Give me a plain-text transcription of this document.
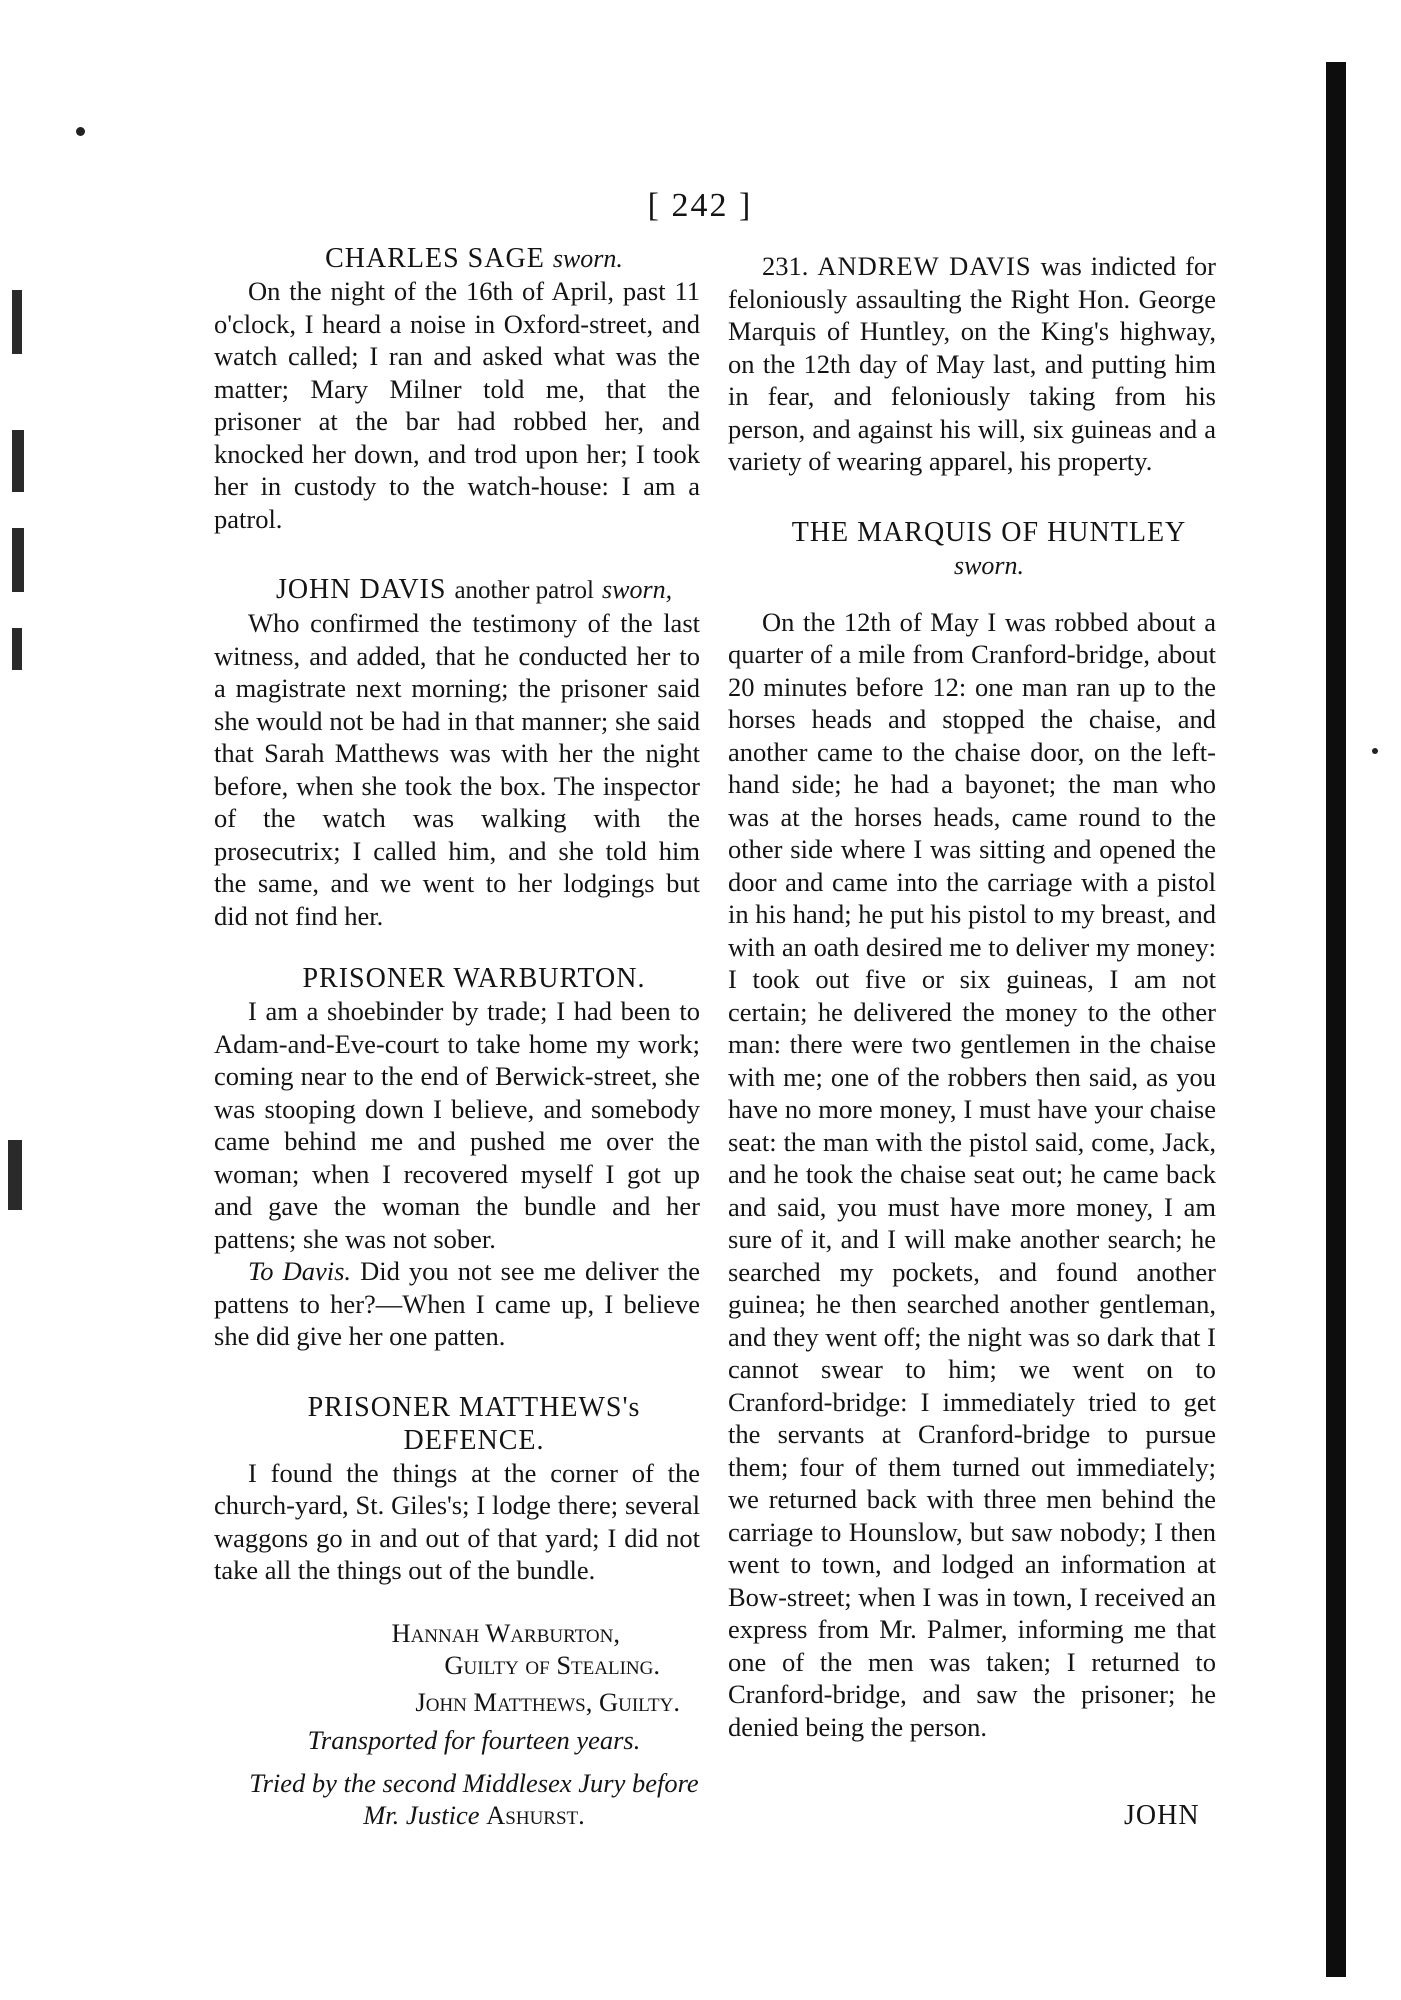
[ 242 ]

CHARLES SAGE sworn.

On the night of the 16th of April, past 11 o'clock, I heard a noise in Oxford-street, and watch called; I ran and asked what was the matter; Mary Milner told me, that the prisoner at the bar had robbed her, and knocked her down, and trod upon her; I took her in custody to the watch-house: I am a patrol.

JOHN DAVIS another patrol sworn,

Who confirmed the testimony of the last witness, and added, that he conducted her to a magistrate next morning; the prisoner said she would not be had in that manner; she said that Sarah Matthews was with her the night before, when she took the box. The inspector of the watch was walking with the prosecutrix; I called him, and she told him the same, and we went to her lodgings but did not find her.

PRISONER WARBURTON.

I am a shoebinder by trade; I had been to Adam-and-Eve-court to take home my work; coming near to the end of Berwick-street, she was stooping down I believe, and somebody came behind me and pushed me over the woman; when I recovered myself I got up and gave the woman the bundle and her pattens; she was not sober.

To Davis. Did you not see me deliver the pattens to her?—When I came up, I believe she did give her one patten.

PRISONER MATTHEWS's

DEFENCE.

I found the things at the corner of the church-yard, St. Giles's; I lodge there; several waggons go in and out of that yard; I did not take all the things out of the bundle.

Hannah Warburton,

Guilty of Stealing.

John Matthews, Guilty.

Transported for fourteen years.

Tried by the second Middlesex Jury before

Mr. Justice Ashurst.

231. ANDREW DAVIS was indicted for feloniously assaulting the Right Hon. George Marquis of Huntley, on the King's highway, on the 12th day of May last, and putting him in fear, and feloniously taking from his person, and against his will, six guineas and a variety of wearing apparel, his property.

THE MARQUIS OF HUNTLEY

sworn.

On the 12th of May I was robbed about a quarter of a mile from Cranford-bridge, about 20 minutes before 12: one man ran up to the horses heads and stopped the chaise, and another came to the chaise door, on the left-hand side; he had a bayonet; the man who was at the horses heads, came round to the other side where I was sitting and opened the door and came into the carriage with a pistol in his hand; he put his pistol to my breast, and with an oath desired me to deliver my money: I took out five or six guineas, I am not certain; he delivered the money to the other man: there were two gentlemen in the chaise with me; one of the robbers then said, as you have no more money, I must have your chaise seat: the man with the pistol said, come, Jack, and he took the chaise seat out; he came back and said, you must have more money, I am sure of it, and I will make another search; he searched my pockets, and found another guinea; he then searched another gentleman, and they went off; the night was so dark that I cannot swear to him; we went on to Cranford-bridge: I immediately tried to get the servants at Cranford-bridge to pursue them; four of them turned out immediately; we returned back with three men behind the carriage to Hounslow, but saw nobody; I then went to town, and lodged an information at Bow-street; when I was in town, I received an express from Mr. Palmer, informing me that one of the men was taken; I returned to Cranford-bridge, and saw the prisoner; he denied being the person.

JOHN
